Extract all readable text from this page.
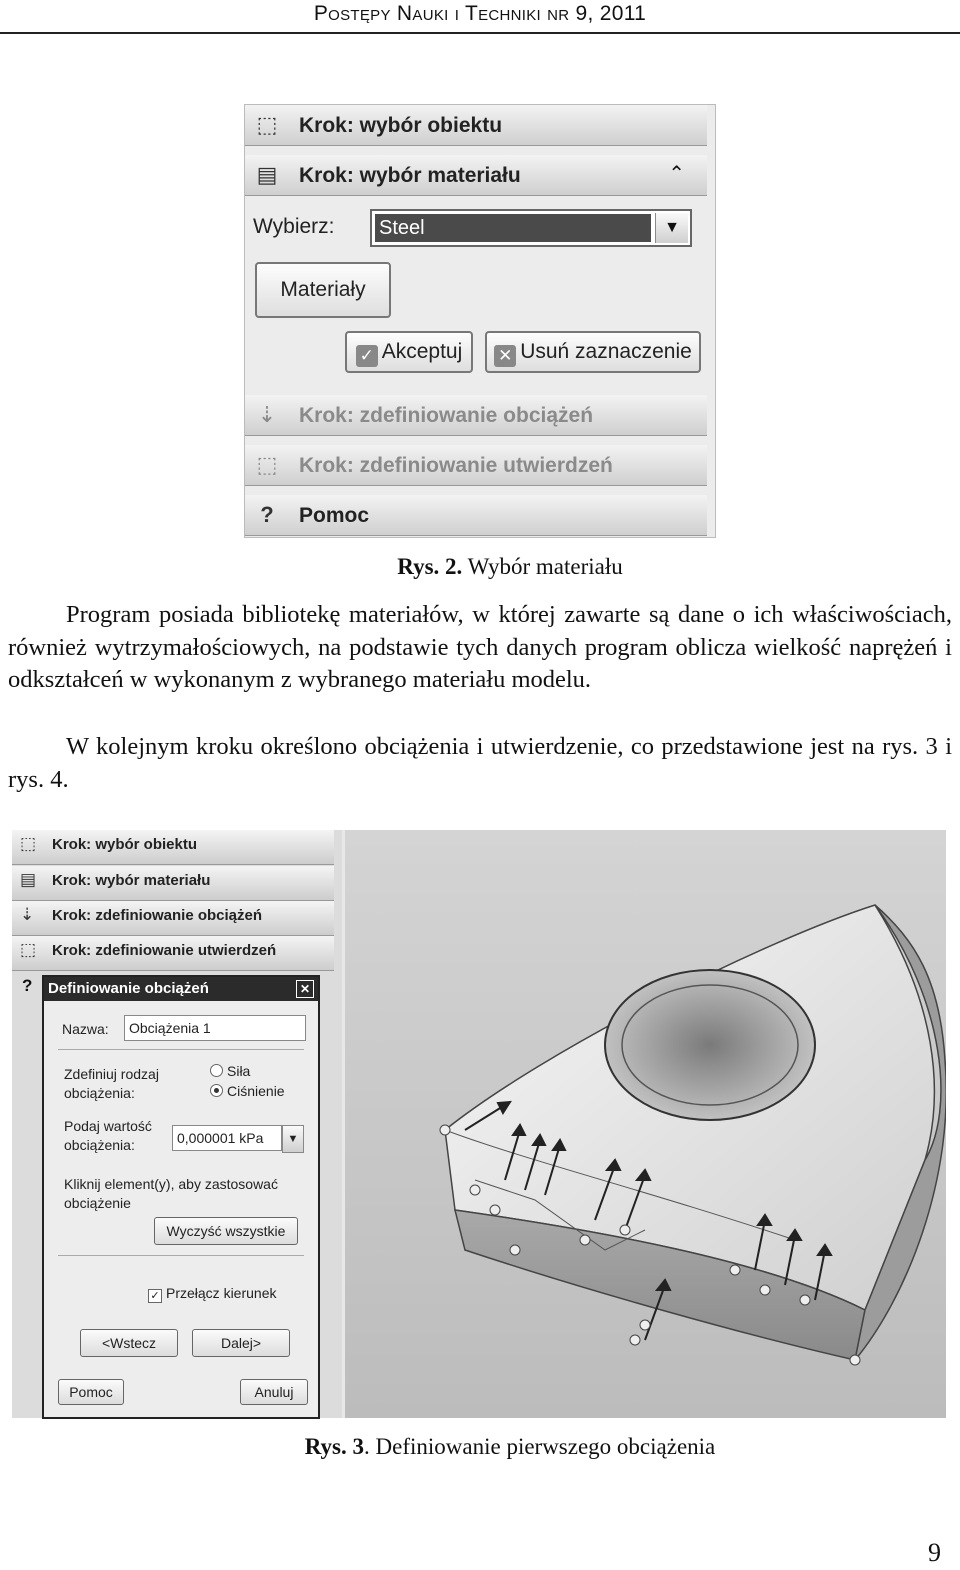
Postępy Nauki i Techniki nr 9, 2011
⬚ Krok: wybór obiektu
▤ Krok: wybór materiału	⌃
Wybierz: Steel	▼
Materiały
✓ Akceptuj	✕ Usuń zaznaczenie
⇣ Krok: zdefiniowanie obciążeń
⬚ Krok: zdefiniowanie utwierdzeń
?	Pomoc
Rys. 2. Wybór materiału
Program posiada bibliotekę materiałów, w której zawarte są dane o ich właściwościach, również wytrzymałościowych, na podstawie tych danych program oblicza wielkość naprężeń i odkształceń w wykonanym z wybranego materiału modelu.
W kolejnym kroku określono obciążenia i utwierdzenie, co przedstawione jest na rys. 3 i rys. 4.
⬚ Krok: wybór obiektu
▤ Krok: wybór materiału
⇣ Krok: zdefiniowanie obciążeń
⬚ Krok: zdefiniowanie utwierdzeń
? Definiowanie obciążeń	✕
Nazwa:	Obciążenia 1
Zdefiniuj rodzaj
obciążenia:
Siła
Ciśnienie
Podaj wartość
obciążenia:	0,000001 kPa	▼
Kliknij element(y), aby zastosować
obciążenie
Wyczyść wszystkie
✓ Przełącz kierunek
<Wstecz	Dalej>
Pomoc	Anuluj
Rys. 3. Definiowanie pierwszego obciążenia
9
